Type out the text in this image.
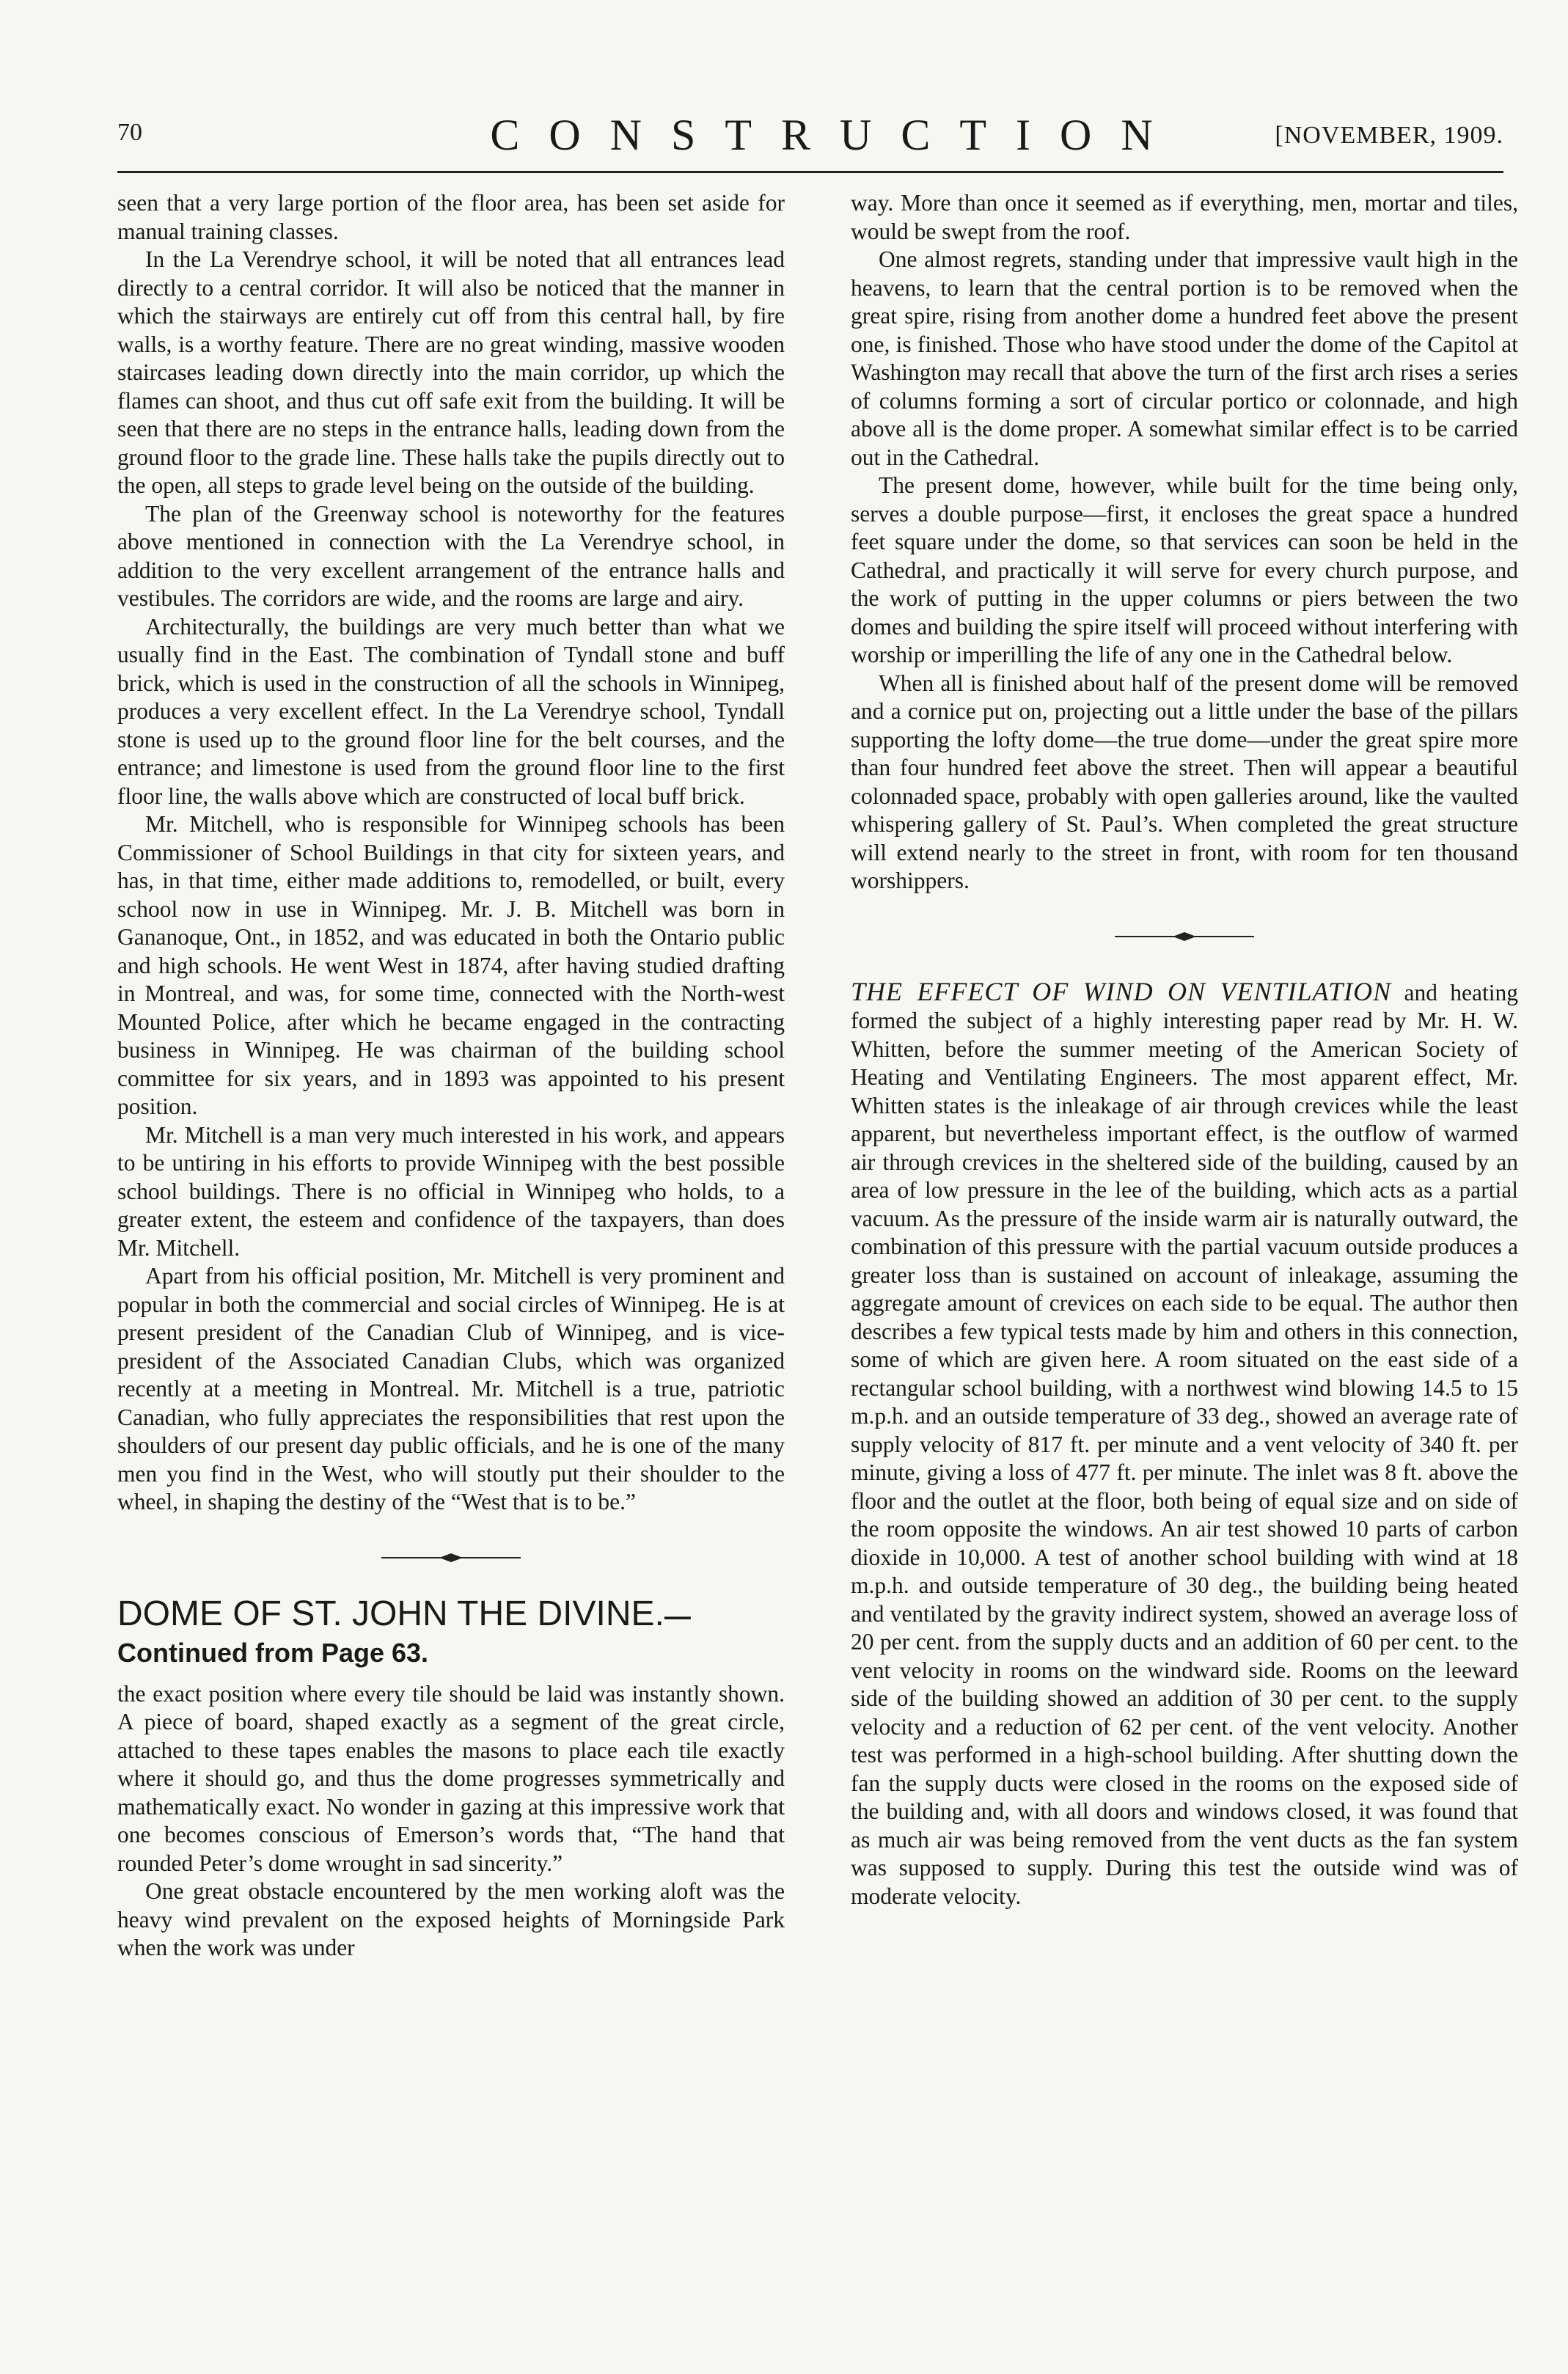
70	CONSTRUCTION	[NOVEMBER, 1909.

seen that a very large portion of the floor area, has been set aside for manual training classes.

In the La Verendrye school, it will be noted that all entrances lead directly to a central corridor. It will also be noticed that the manner in which the stairways are entirely cut off from this central hall, by fire walls, is a worthy feature. There are no great winding, massive wooden staircases leading down directly into the main corridor, up which the flames can shoot, and thus cut off safe exit from the building. It will be seen that there are no steps in the entrance halls, leading down from the ground floor to the grade line. These halls take the pupils directly out to the open, all steps to grade level being on the outside of the building.

The plan of the Greenway school is noteworthy for the features above mentioned in connection with the La Verendrye school, in addition to the very excellent arrangement of the entrance halls and vestibules. The corridors are wide, and the rooms are large and airy.

Architecturally, the buildings are very much better than what we usually find in the East. The combination of Tyndall stone and buff brick, which is used in the construction of all the schools in Winnipeg, produces a very excellent effect. In the La Verendrye school, Tyndall stone is used up to the ground floor line for the belt courses, and the entrance; and limestone is used from the ground floor line to the first floor line, the walls above which are constructed of local buff brick.

Mr. Mitchell, who is responsible for Winnipeg schools has been Commissioner of School Buildings in that city for sixteen years, and has, in that time, either made additions to, remodelled, or built, every school now in use in Winnipeg. Mr. J. B. Mitchell was born in Gananoque, Ont., in 1852, and was educated in both the Ontario public and high schools. He went West in 1874, after having studied drafting in Montreal, and was, for some time, connected with the North-west Mounted Police, after which he became engaged in the contracting business in Winnipeg. He was chairman of the building school committee for six years, and in 1893 was appointed to his present position.

Mr. Mitchell is a man very much interested in his work, and appears to be untiring in his efforts to provide Winnipeg with the best possible school buildings. There is no official in Winnipeg who holds, to a greater extent, the esteem and confidence of the taxpayers, than does Mr. Mitchell.

Apart from his official position, Mr. Mitchell is very prominent and popular in both the commercial and social circles of Winnipeg. He is at present president of the Canadian Club of Winnipeg, and is vice-president of the Associated Canadian Clubs, which was organized recently at a meeting in Montreal. Mr. Mitchell is a true, patriotic Canadian, who fully appreciates the responsibilities that rest upon the shoulders of our present day public officials, and he is one of the many men you find in the West, who will stoutly put their shoulder to the wheel, in shaping the destiny of the “West that is to be.”

DOME OF ST. JOHN THE DIVINE.—Continued from Page 63.

the exact position where every tile should be laid was instantly shown. A piece of board, shaped exactly as a segment of the great circle, attached to these tapes enables the masons to place each tile exactly where it should go, and thus the dome progresses symmetrically and mathematically exact. No wonder in gazing at this impressive work that one becomes conscious of Emerson’s words that, “The hand that rounded Peter’s dome wrought in sad sincerity.”

One great obstacle encountered by the men working aloft was the heavy wind prevalent on the exposed heights of Morningside Park when the work was under

way. More than once it seemed as if everything, men, mortar and tiles, would be swept from the roof.

One almost regrets, standing under that impressive vault high in the heavens, to learn that the central portion is to be removed when the great spire, rising from another dome a hundred feet above the present one, is finished. Those who have stood under the dome of the Capitol at Washington may recall that above the turn of the first arch rises a series of columns forming a sort of circular portico or colonnade, and high above all is the dome proper. A somewhat similar effect is to be carried out in the Cathedral.

The present dome, however, while built for the time being only, serves a double purpose—first, it encloses the great space a hundred feet square under the dome, so that services can soon be held in the Cathedral, and practically it will serve for every church purpose, and the work of putting in the upper columns or piers between the two domes and building the spire itself will proceed without interfering with worship or imperilling the life of any one in the Cathedral below.

When all is finished about half of the present dome will be removed and a cornice put on, projecting out a little under the base of the pillars supporting the lofty dome—the true dome—under the great spire more than four hundred feet above the street. Then will appear a beautiful colonnaded space, probably with open galleries around, like the vaulted whispering gallery of St. Paul’s. When completed the great structure will extend nearly to the street in front, with room for ten thousand worshippers.

THE EFFECT OF WIND ON VENTILATION and heating formed the subject of a highly interesting paper read by Mr. H. W. Whitten, before the summer meeting of the American Society of Heating and Ventilating Engineers. The most apparent effect, Mr. Whitten states is the inleakage of air through crevices while the least apparent, but nevertheless important effect, is the outflow of warmed air through crevices in the sheltered side of the building, caused by an area of low pressure in the lee of the building, which acts as a partial vacuum. As the pressure of the inside warm air is naturally outward, the combination of this pressure with the partial vacuum outside produces a greater loss than is sustained on account of inleakage, assuming the aggregate amount of crevices on each side to be equal. The author then describes a few typical tests made by him and others in this connection, some of which are given here. A room situated on the east side of a rectangular school building, with a northwest wind blowing 14.5 to 15 m.p.h. and an outside temperature of 33 deg., showed an average rate of supply velocity of 817 ft. per minute and a vent velocity of 340 ft. per minute, giving a loss of 477 ft. per minute. The inlet was 8 ft. above the floor and the outlet at the floor, both being of equal size and on side of the room opposite the windows. An air test showed 10 parts of carbon dioxide in 10,000. A test of another school building with wind at 18 m.p.h. and outside temperature of 30 deg., the building being heated and ventilated by the gravity indirect system, showed an average loss of 20 per cent. from the supply ducts and an addition of 60 per cent. to the vent velocity in rooms on the windward side. Rooms on the leeward side of the building showed an addition of 30 per cent. to the supply velocity and a reduction of 62 per cent. of the vent velocity. Another test was performed in a high-school building. After shutting down the fan the supply ducts were closed in the rooms on the exposed side of the building and, with all doors and windows closed, it was found that as much air was being removed from the vent ducts as the fan system was supposed to supply. During this test the outside wind was of moderate velocity.
